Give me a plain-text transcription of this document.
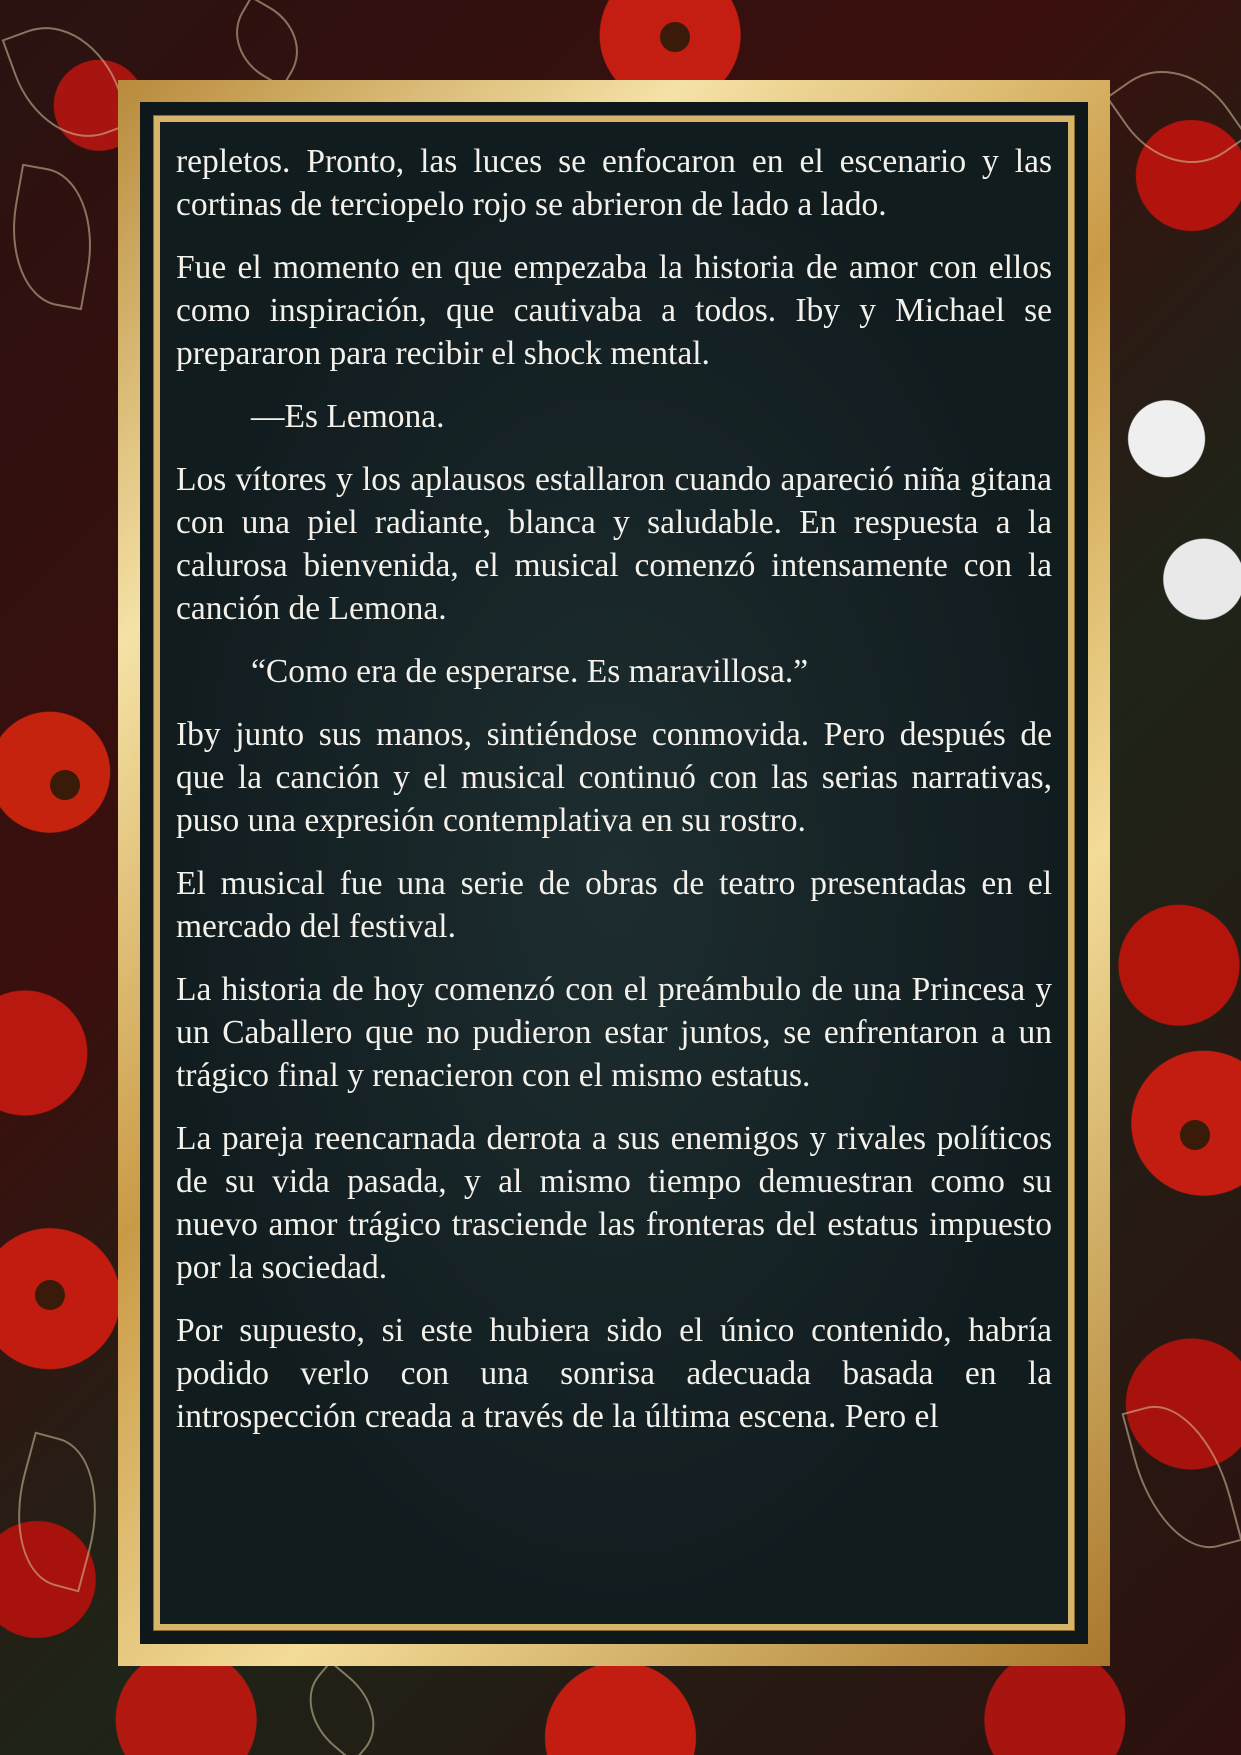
repletos. Pronto, las luces se enfocaron en el escenario y las cortinas de terciopelo rojo se abrieron de lado a lado.

Fue el momento en que empezaba la historia de amor con ellos como inspiración, que cautivaba a todos. Iby y Michael se prepararon para recibir el shock mental.

—Es Lemona.

Los vítores y los aplausos estallaron cuando apareció niña gitana con una piel radiante, blanca y saludable. En respuesta a la calurosa bienvenida, el musical comenzó intensamente con la canción de Lemona.

“Como era de esperarse. Es maravillosa.”

Iby junto sus manos, sintiéndose conmovida. Pero después de que la canción y el musical continuó con las serias narrativas, puso una expresión contemplativa en su rostro.

El musical fue una serie de obras de teatro presentadas en el mercado del festival.

La historia de hoy comenzó con el preámbulo de una Princesa y un Caballero que no pudieron estar juntos, se enfrentaron a un trágico final y renacieron con el mismo estatus.

La pareja reencarnada derrota a sus enemigos y rivales políticos de su vida pasada, y al mismo tiempo demuestran como su nuevo amor trágico trasciende las fronteras del estatus impuesto por la sociedad.

Por supuesto, si este hubiera sido el único contenido, habría podido verlo con una sonrisa adecuada basada en la introspección creada a través de la última escena. Pero el
